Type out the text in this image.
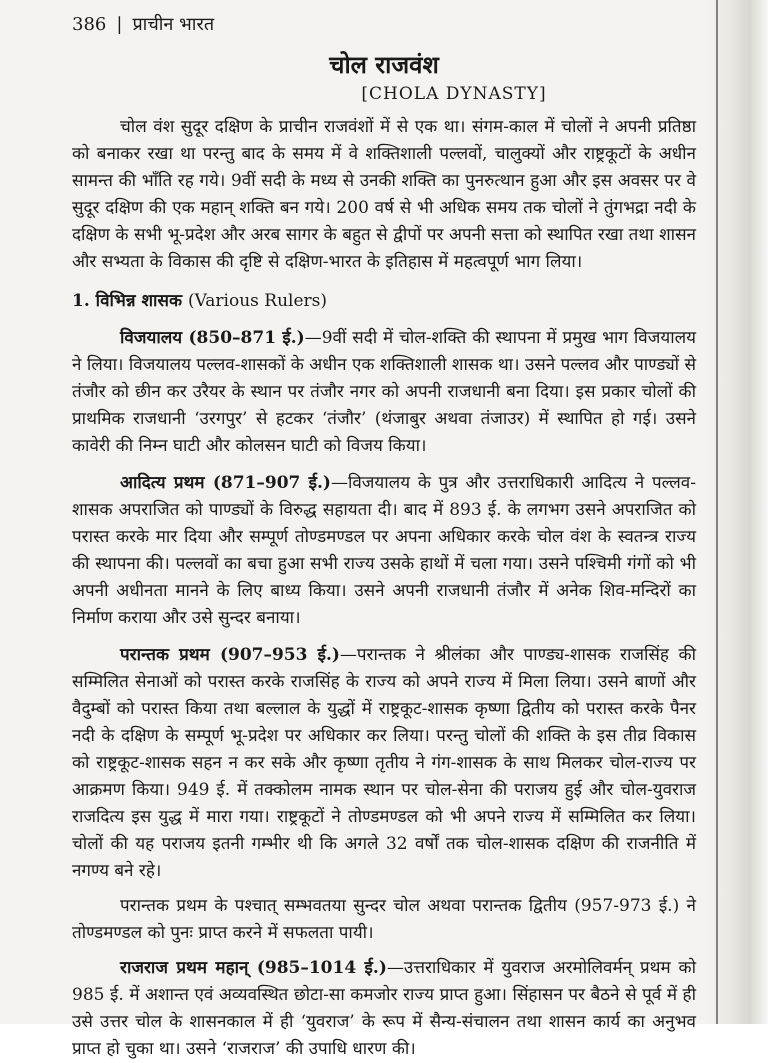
386 | प्राचीन भारत
चोल राजवंश
[CHOLA DYNASTY]

चोल वंश सुदूर दक्षिण के प्राचीन राजवंशों में से एक था। संगम-काल में चोलों ने अपनी प्रतिष्ठा को बनाकर रखा था परन्तु बाद के समय में वे शक्तिशाली पल्लवों, चालुक्यों और राष्ट्रकूटों के अधीन सामन्त की भाँति रह गये। 9वीं सदी के मध्य से उनकी शक्ति का पुनरुत्थान हुआ और इस अवसर पर वे सुदूर दक्षिण की एक महान् शक्ति बन गये। 200 वर्ष से भी अधिक समय तक चोलों ने तुंगभद्रा नदी के दक्षिण के सभी भू-प्रदेश और अरब सागर के बहुत से द्वीपों पर अपनी सत्ता को स्थापित रखा तथा शासन और सभ्यता के विकास की दृष्टि से दक्षिण-भारत के इतिहास में महत्वपूर्ण भाग लिया।

1. विभिन्न शासक (Various Rulers)

विजयालय (850–871 ई.)—9वीं सदी में चोल-शक्ति की स्थापना में प्रमुख भाग विजयालय ने लिया। विजयालय पल्लव-शासकों के अधीन एक शक्तिशाली शासक था। उसने पल्लव और पाण्ड्यों से तंजौर को छीन कर उरैयर के स्थान पर तंजौर नगर को अपनी राजधानी बना दिया। इस प्रकार चोलों की प्राथमिक राजधानी ‘उरगपुर’ से हटकर ‘तंजौर’ (थंजाबुर अथवा तंजाउर) में स्थापित हो गई। उसने कावेरी की निम्न घाटी और कोलसन घाटी को विजय किया।

आदित्य प्रथम (871–907 ई.)—विजयालय के पुत्र और उत्तराधिकारी आदित्य ने पल्लव-शासक अपराजित को पाण्ड्यों के विरुद्ध सहायता दी। बाद में 893 ई. के लगभग उसने अपराजित को परास्त करके मार दिया और सम्पूर्ण तोण्डमण्डल पर अपना अधिकार करके चोल वंश के स्वतन्त्र राज्य की स्थापना की। पल्लवों का बचा हुआ सभी राज्य उसके हाथों में चला गया। उसने पश्चिमी गंगों को भी अपनी अधीनता मानने के लिए बाध्य किया। उसने अपनी राजधानी तंजौर में अनेक शिव-मन्दिरों का निर्माण कराया और उसे सुन्दर बनाया।

परान्तक प्रथम (907–953 ई.)—परान्तक ने श्रीलंका और पाण्ड्य-शासक राजसिंह की सम्मिलित सेनाओं को परास्त करके राजसिंह के राज्य को अपने राज्य में मिला लिया। उसने बाणों और वैदुम्बों को परास्त किया तथा बल्लाल के युद्धों में राष्ट्रकूट-शासक कृष्णा द्वितीय को परास्त करके पैनर नदी के दक्षिण के सम्पूर्ण भू-प्रदेश पर अधिकार कर लिया। परन्तु चोलों की शक्ति के इस तीव्र विकास को राष्ट्रकूट-शासक सहन न कर सके और कृष्णा तृतीय ने गंग-शासक के साथ मिलकर चोल-राज्य पर आक्रमण किया। 949 ई. में तक्कोलम नामक स्थान पर चोल-सेना की पराजय हुई और चोल-युवराज राजदित्य इस युद्ध में मारा गया। राष्ट्रकूटों ने तोण्डमण्डल को भी अपने राज्य में सम्मिलित कर लिया। चोलों की यह पराजय इतनी गम्भीर थी कि अगले 32 वर्षों तक चोल-शासक दक्षिण की राजनीति में नगण्य बने रहे।

परान्तक प्रथम के पश्चात् सम्भवतया सुन्दर चोल अथवा परान्तक द्वितीय (957-973 ई.) ने तोण्डमण्डल को पुनः प्राप्त करने में सफलता पायी।

राजराज प्रथम महान् (985–1014 ई.)—उत्तराधिकार में युवराज अरमोलिवर्मन् प्रथम को 985 ई. में अशान्त एवं अव्यवस्थित छोटा-सा कमजोर राज्य प्राप्त हुआ। सिंहासन पर बैठने से पूर्व में ही उसे उत्तर चोल के शासनकाल में ही ‘युवराज’ के रूप में सैन्य-संचालन तथा शासन कार्य का अनुभव प्राप्त हो चुका था। उसने ‘राजराज’ की उपाधि धारण की।
